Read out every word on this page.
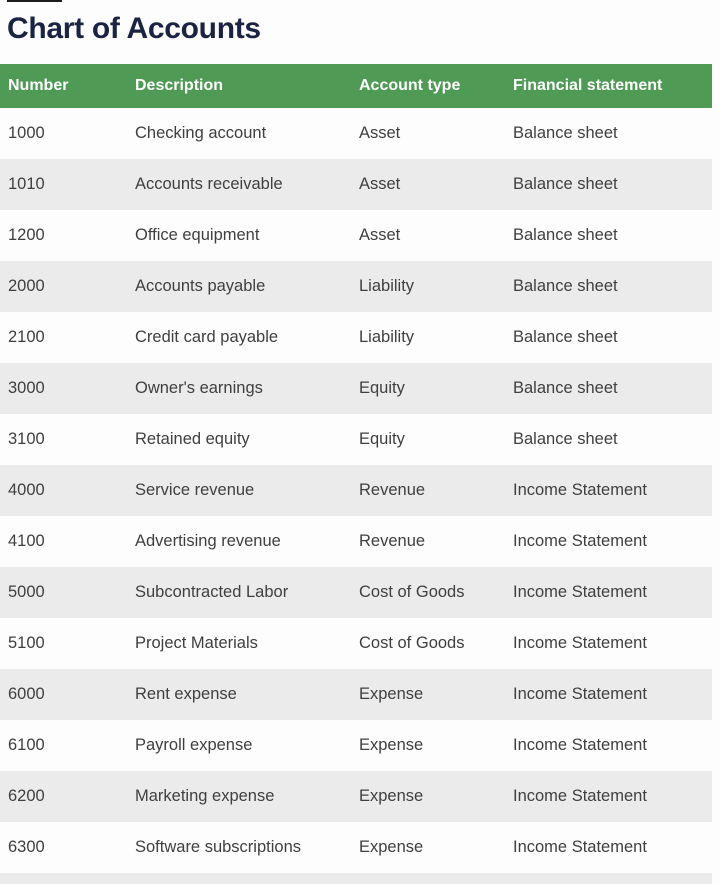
Chart of Accounts
Number	Description	Account type	Financial statement
1000	Checking account	Asset	Balance sheet
1010	Accounts receivable	Asset	Balance sheet
1200	Office equipment	Asset	Balance sheet
2000	Accounts payable	Liability	Balance sheet
2100	Credit card payable	Liability	Balance sheet
3000	Owner's earnings	Equity	Balance sheet
3100	Retained equity	Equity	Balance sheet
4000	Service revenue	Revenue	Income Statement
4100	Advertising revenue	Revenue	Income Statement
5000	Subcontracted Labor	Cost of Goods	Income Statement
5100	Project Materials	Cost of Goods	Income Statement
6000	Rent expense	Expense	Income Statement
6100	Payroll expense	Expense	Income Statement
6200	Marketing expense	Expense	Income Statement
6300	Software subscriptions	Expense	Income Statement
